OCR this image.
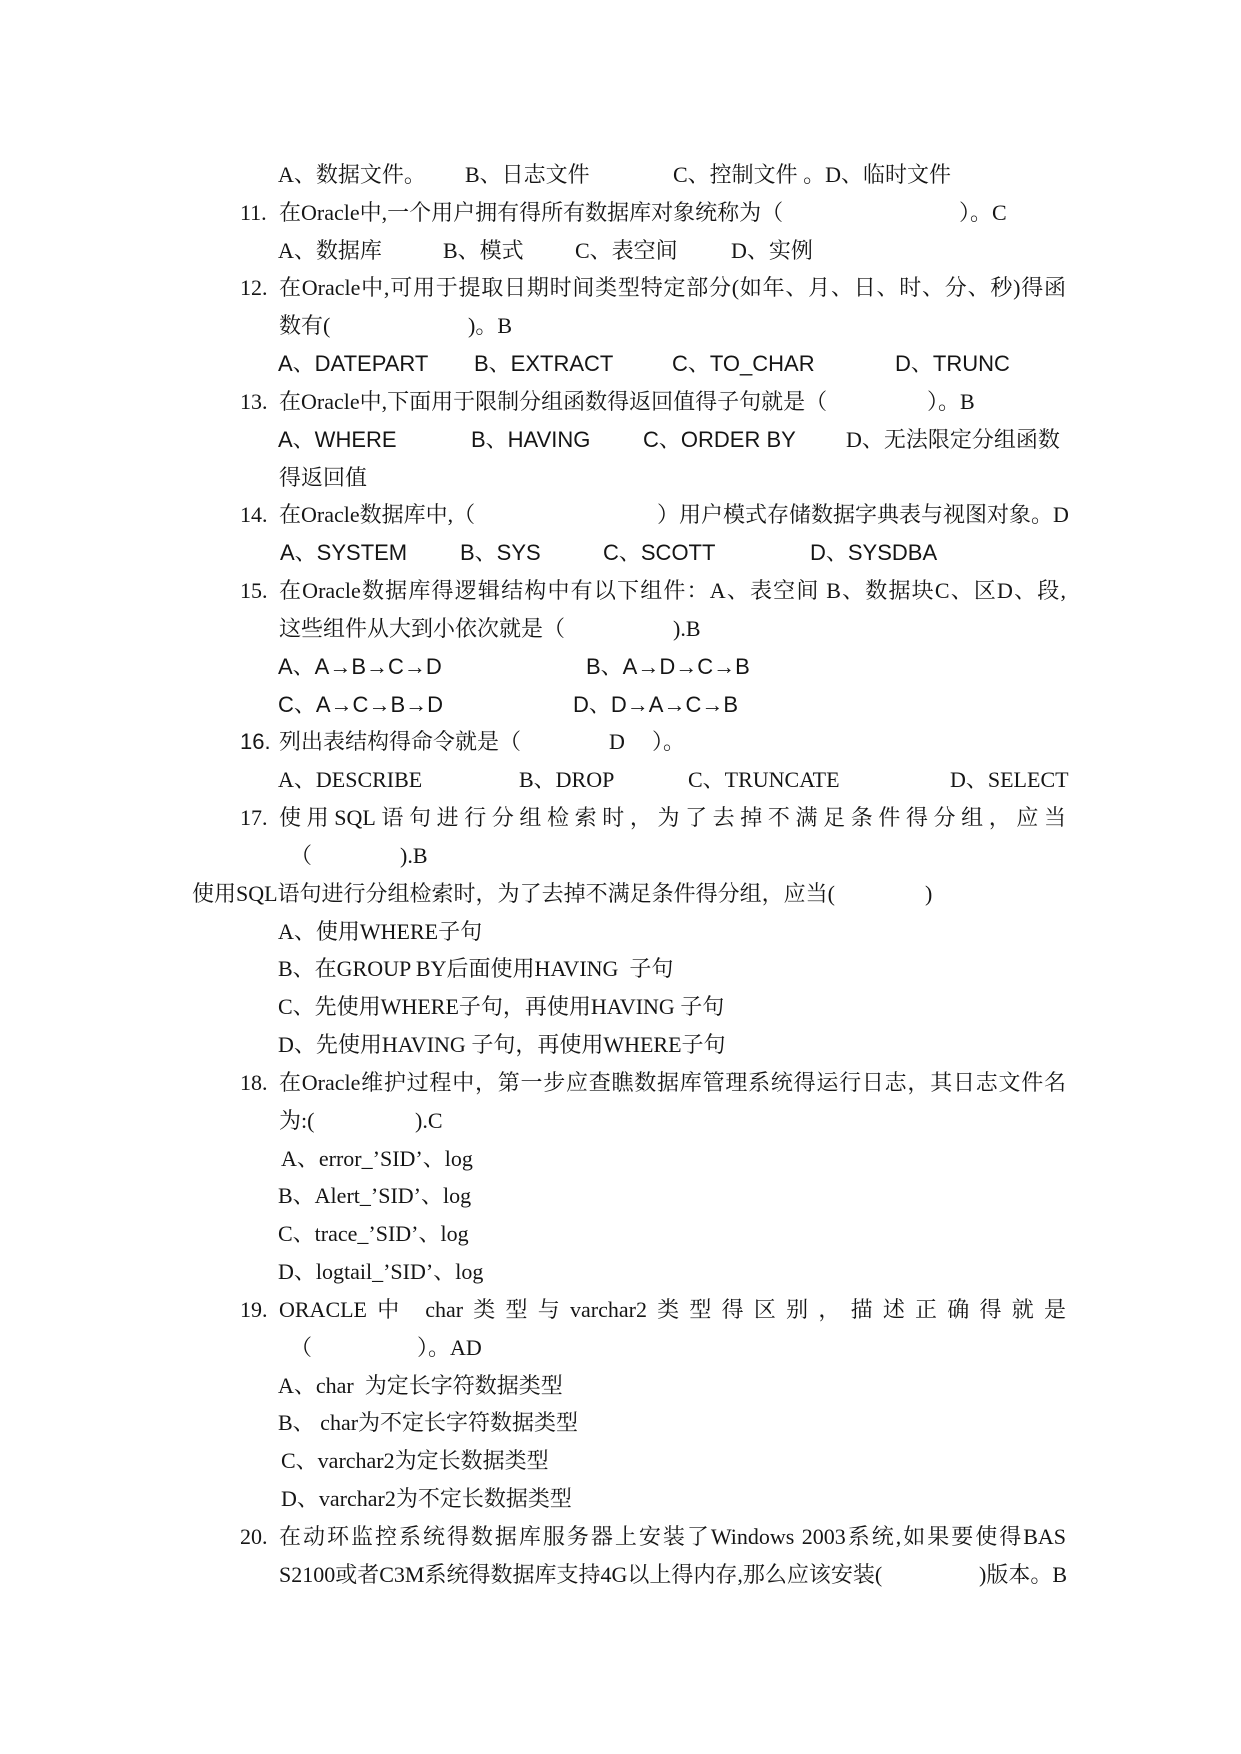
A、数据文件。 B、日志文件	C、控制文件 。D、临时文件
11. 在Oracle中,一个用户拥有得所有数据库对象统称为（	）。C
A、数据库	B、模式 C、表空间 D、实例
12. 在Oracle中,可用于提取日期时间类型特定部分(如年、月、日、时、分、秒)得函
数有(	)。B
A、DATEPART B、EXTRACT	C、TO_CHAR	D、TRUNC
13. 在Oracle中,下面用于限制分组函数得返回值得子句就是（	）。B
A、WHERE	B、HAVING C、ORDER BY D、无法限定分组函数
得返回值
14. 在Oracle数据库中,（	）用户模式存储数据字典表与视图对象。D
A、SYSTEM B、SYS	C、SCOTT	D、SYSDBA
15. 在Oracle数据库得逻辑结构中有以下组件：A、表空间 B、数据块C、区D、段,
这些组件从大到小依次就是（	).B
A、A→B→C→D	B、A→D→C→B
C、A→C→B→D	D、D→A→C→B
16. 列出表结构得命令就是（	D ）。
A、DESCRIBE	B、DROP	C、TRUNCATE	D、SELECT
17. 使用SQL语句进行分组检索时，为了去掉不满足条件得分组，应当
（	).B
使用SQL语句进行分组检索时，为了去掉不满足条件得分组，应当(	)
A、使用WHERE子句
B、在GROUP BY后面使用HAVING  子句
C、先使用WHERE子句，再使用HAVING 子句
D、先使用HAVING 子句，再使用WHERE子句
18. 在Oracle维护过程中，第一步应查瞧数据库管理系统得运行日志，其日志文件名
为:(	).C
A、error_’SID’、log
B、Alert_’SID’、log
C、trace_’SID’、log
D、logtail_’SID’、log
19. ORACLE中 char类型与varchar2类型得区别，描述正确得就是
（	）。AD
A、char  为定长字符数据类型
B、 char为不定长字符数据类型
C、varchar2为定长数据类型
D、varchar2为不定长数据类型
20. 在动环监控系统得数据库服务器上安装了Windows 2003系统,如果要使得BAS
S2100或者C3M系统得数据库支持4G以上得内存,那么应该安装(	)版本。B
